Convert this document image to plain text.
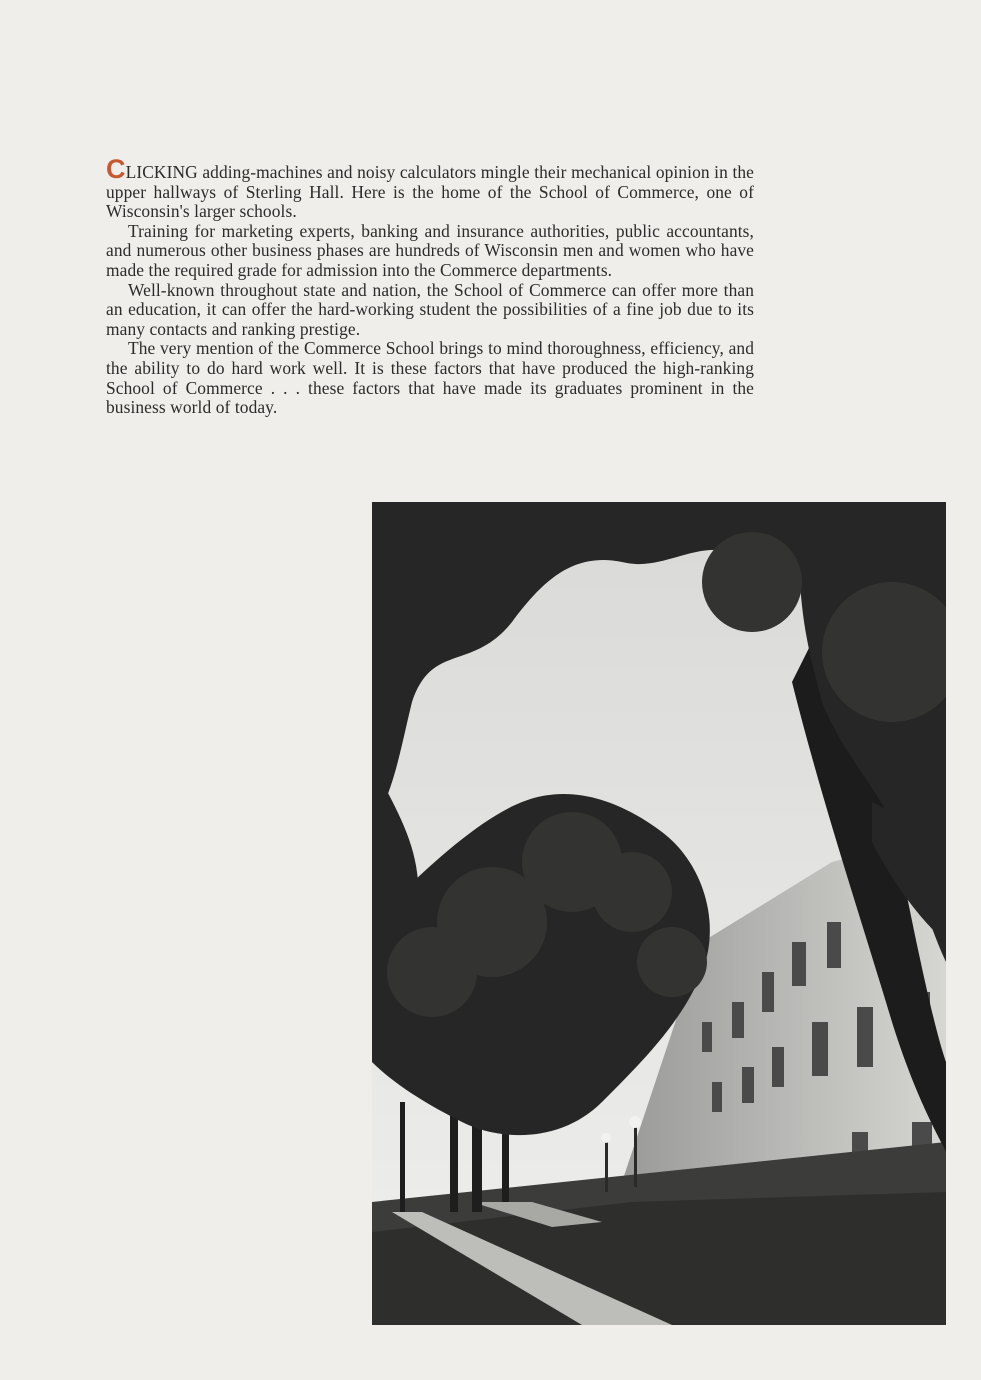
CLICKING adding-machines and noisy calculators mingle their mechanical opinion in the upper hallways of Sterling Hall. Here is the home of the School of Commerce, one of Wisconsin's larger schools.

Training for marketing experts, banking and insurance authorities, public accountants, and numerous other business phases are hundreds of Wisconsin men and women who have made the required grade for admission into the Commerce departments.

Well-known throughout state and nation, the School of Commerce can offer more than an education, it can offer the hard-working student the possibilities of a fine job due to its many contacts and ranking prestige.

The very mention of the Commerce School brings to mind thoroughness, efficiency, and the ability to do hard work well. It is these factors that have produced the high-ranking School of Commerce . . . these factors that have made its graduates prominent in the business world of today.
